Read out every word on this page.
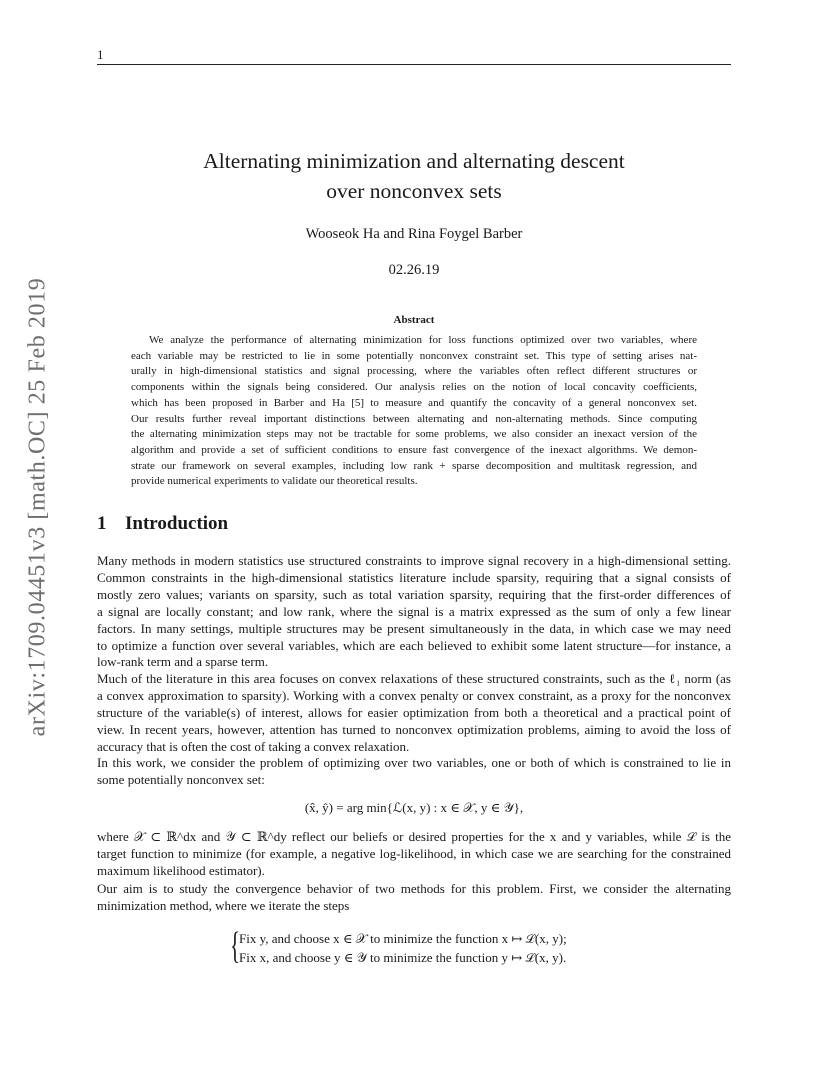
1
arXiv:1709.04451v3 [math.OC] 25 Feb 2019
Alternating minimization and alternating descent
over nonconvex sets
Wooseok Ha and Rina Foygel Barber
02.26.19
Abstract
We analyze the performance of alternating minimization for loss functions optimized over two variables, where
each variable may be restricted to lie in some potentially nonconvex constraint set. This type of setting arises nat-
urally in high-dimensional statistics and signal processing, where the variables often reflect different structures or
components within the signals being considered. Our analysis relies on the notion of local concavity coefficients,
which has been proposed in Barber and Ha [5] to measure and quantify the concavity of a general nonconvex set.
Our results further reveal important distinctions between alternating and non-alternating methods. Since computing
the alternating minimization steps may not be tractable for some problems, we also consider an inexact version of the
algorithm and provide a set of sufficient conditions to ensure fast convergence of the inexact algorithms. We demon-
strate our framework on several examples, including low rank + sparse decomposition and multitask regression, and
provide numerical experiments to validate our theoretical results.
1 Introduction
Many methods in modern statistics use structured constraints to improve signal recovery in a high-dimensional setting.
Common constraints in the high-dimensional statistics literature include sparsity, requiring that a signal consists of
mostly zero values; variants on sparsity, such as total variation sparsity, requiring that the first-order differences of
a signal are locally constant; and low rank, where the signal is a matrix expressed as the sum of only a few linear
factors. In many settings, multiple structures may be present simultaneously in the data, in which case we may need
to optimize a function over several variables, which are each believed to exhibit some latent structure—for instance, a
low-rank term and a sparse term.
Much of the literature in this area focuses on convex relaxations of these structured constraints, such as the ℓ₁ norm (as
a convex approximation to sparsity). Working with a convex penalty or convex constraint, as a proxy for the nonconvex
structure of the variable(s) of interest, allows for easier optimization from both a theoretical and a practical point of
view. In recent years, however, attention has turned to nonconvex optimization problems, aiming to avoid the loss of
accuracy that is often the cost of taking a convex relaxation.
In this work, we consider the problem of optimizing over two variables, one or both of which is constrained to lie in
some potentially nonconvex set:
(x̂, ŷ) = arg min{ℒ(x, y) : x ∈ 𝒳, y ∈ 𝒴},
where 𝒳 ⊂ ℝ^dx and 𝒴 ⊂ ℝ^dy reflect our beliefs or desired properties for the x and y variables, while ℒ is the
target function to minimize (for example, a negative log-likelihood, in which case we are searching for the constrained
maximum likelihood estimator).
Our aim is to study the convergence behavior of two methods for this problem. First, we consider the alternating
minimization method, where we iterate the steps
{
Fix y, and choose x ∈ 𝒳 to minimize the function x ↦ ℒ(x, y);
Fix x, and choose y ∈ 𝒴 to minimize the function y ↦ ℒ(x, y).
